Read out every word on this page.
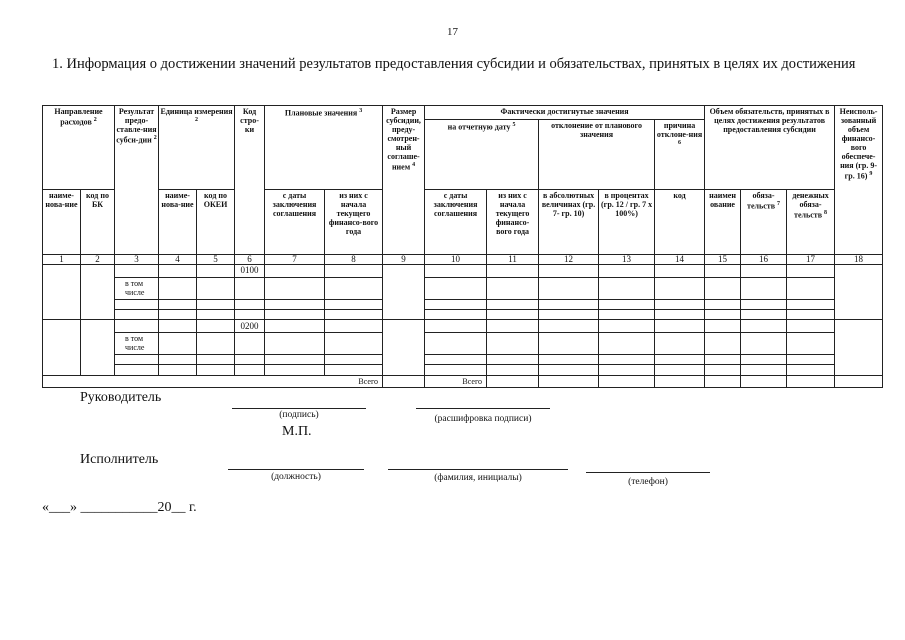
17
1. Информация о достижении значений результатов предоставления субсидии и обязательствах, принятых в целях их достижения
Направление расходов $^2$		Результат предо-ставле-ния субси-дии $^2$	Единица измерения $^2$		Код стро-ки	Плановые значения $^3$		Размер субсидии, преду-смотрен-ный соглаше-нием $^4$	Фактически достигнутые значения					Объем обязательств, принятых в целях достижения результатов предоставления субсидии			Неисполь-зованный объем финансо-вого обеспече-ния (гр. 9-гр. 16) $^9$
									на отчетную дату $^5$		отклонение от планового значения		причина отклоне-ния $^6$
наиме-нова-ние	код по БК		наиме-нова-ние	код по ОКЕИ		с даты заключения соглашения	из них с начала текущего финансо-вого года		с даты заключения соглашения	из них с начала текущего финансо-вого года	в абсолютных величинах (гр. 7- гр. 10)	в процентах (гр. 12 / гр. 7 x 100%)	код	наимен ование	обяза-тельств $^7$	денежных обяза-тельств $^8$
1	2	3	4	5	6	7	8	9	10	11	12	13	14	15	16	17	18
					0100												
		в том числе															

					0200												
		в том числе															

Всего									Всего								
Руководитель
(подпись)	(расшифровка подписи)
М.П.
Исполнитель
(должность)	(фамилия, инициалы)	(телефон)
«___» ___________20__ г.
